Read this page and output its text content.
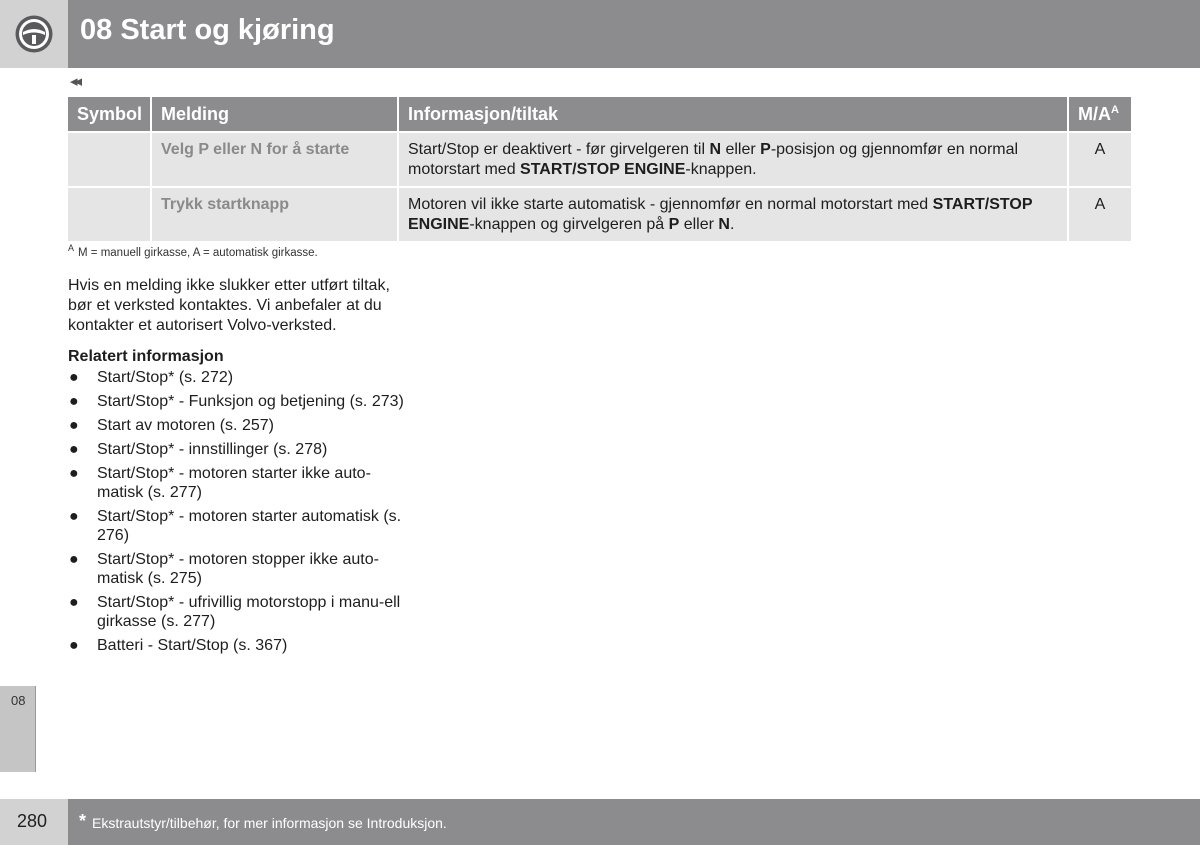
08 Start og kjøring
◂◂
Symbol	Melding	Informasjon/tiltak	$M/A^A$
	Velg P eller N for å starte	Start/Stop er deaktivert - før girvelgeren til N eller P-posisjon og gjennomfør en normal motorstart med START/STOP ENGINE-knappen.	A
	Trykk startknapp	Motoren vil ikke starte automatisk - gjennomfør en normal motorstart med START/STOP ENGINE-knappen og girvelgeren på P eller N.	A
$^A$ M = manuell girkasse, A = automatisk girkasse.
Hvis en melding ikke slukker etter utført tiltak, bør et verksted kontaktes. Vi anbefaler at du kontakter et autorisert Volvo-verksted.
Relatert informasjon
● Start/Stop* (s. 272)
● Start/Stop* - Funksjon og betjening (s. 273)
● Start av motoren (s. 257)
● Start/Stop* - innstillinger (s. 278)
● Start/Stop* - motoren starter ikke auto-matisk (s. 277)
● Start/Stop* - motoren starter automatisk (s. 276)
● Start/Stop* - motoren stopper ikke auto-matisk (s. 275)
● Start/Stop* - ufrivillig motorstopp i manu-ell girkasse (s. 277)
● Batteri - Start/Stop (s. 367)
08
280 * Ekstrautstyr/tilbehør, for mer informasjon se Introduksjon.
